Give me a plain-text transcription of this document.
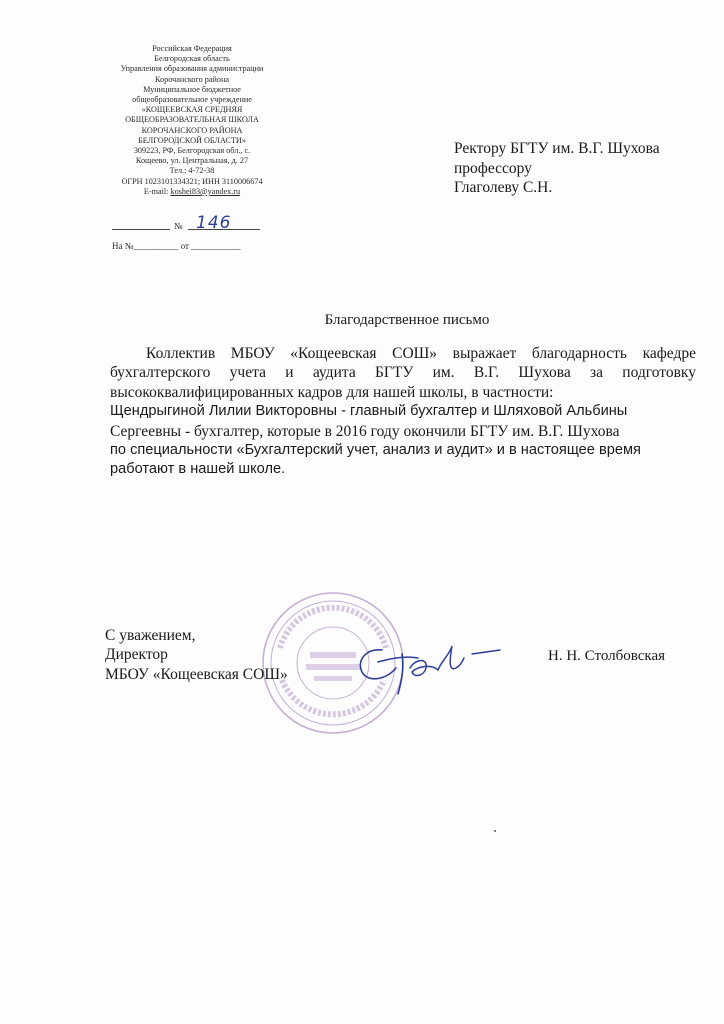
Российская Федерация
Белгородская область
Управления образования администрации
Корочанского района
Муниципальное бюджетное
общеобразовательное учреждение
«КОЩЕЕВСКАЯ СРЕДНЯЯ
ОБЩЕОБРАЗОВАТЕЛЬНАЯ ШКОЛА
КОРОЧАНСКОГО РАЙОНА
БЕЛГОРОДСКОЙ ОБЛАСТИ»
309223, РФ, Белгородская обл., с.
Кощеево, ул. Центральная, д. 27
Тел.: 4-72-38
ОГРН 1023101334321; ИНН 3110006674
E-mail: koshei83@yandex.ru
№ 146
На №__________ от ___________
Ректору БГТУ им. В.Г. Шухова
профессору
Глаголеву С.Н.
Благодарственное письмо
Коллектив МБОУ «Кощеевская СОШ» выражает благодарность кафедре
бухгалтерского учета и аудита БГТУ им. В.Г. Шухова за подготовку
высококвалифицированных кадров для нашей школы, в частности:
Щендрыгиной Лилии Викторовны - главный бухгалтер и Шляховой Альбины
Сергеевны - бухгалтер, которые в 2016 году окончили БГТУ им. В.Г. Шухова
по специальности «Бухгалтерский учет, анализ и аудит» и в настоящее время
работают в нашей школе.
С уважением,
Директор
МБОУ «Кощеевская СОШ»
Н. Н. Столбовская
